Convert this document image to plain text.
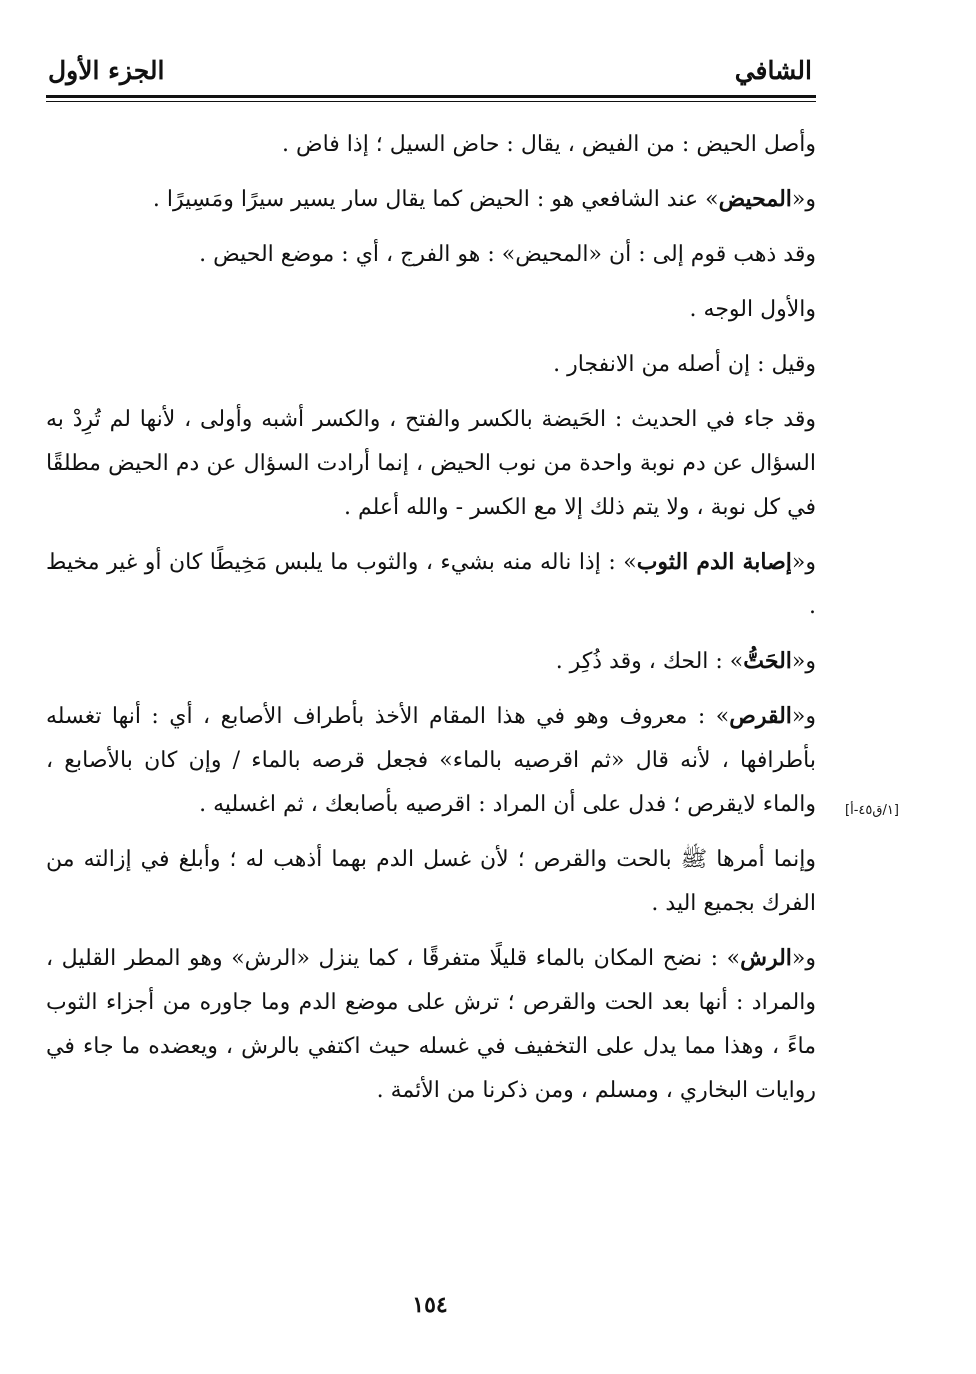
الشافي
الجزء الأول

وأصل الحيض : من الفيض ، يقال : حاض السيل ؛ إذا فاض .

و«المحيض» عند الشافعي هو : الحيض كما يقال سار يسير سيرًا ومَسِيرًا .

وقد ذهب قوم إلى : أن «المحيض» : هو الفرج ، أي : موضع الحيض .

والأول الوجه .

وقيل : إن أصله من الانفجار .

وقد جاء في الحديث : الحَيضة بالكسر والفتح ، والكسر أشبه وأولى ، لأنها لم تُرِدْ به السؤال عن دم نوبة واحدة من نوب الحيض ، إنما أرادت السؤال عن دم الحيض مطلقًا في كل نوبة ، ولا يتم ذلك إلا مع الكسر - والله أعلم .

و«إصابة الدم الثوب» : إذا ناله منه بشيء ، والثوب ما يلبس مَخِيطًا كان أو غير مخيط .

و«الحَتُّ» : الحك ، وقد ذُكِر .

و«القرص» : معروف وهو في هذا المقام الأخذ بأطراف الأصابع ، أي : أنها تغسله بأطرافها ، لأنه قال «ثم اقرصيه بالماء» فجعل قرصه بالماء / وإن كان بالأصابع ، والماء لايقرص ؛ فدل على أن المراد : اقرصيه بأصابعك ، ثم اغسليه .

وإنما أمرها ﷺ بالحت والقرص ؛ لأن غسل الدم بهما أذهب له ؛ وأبلغ في إزالته من الفرك بجميع اليد .

و«الرش» : نضح المكان بالماء قليلًا متفرقًا ، كما ينزل «الرش» وهو المطر القليل ، والمراد : أنها بعد الحت والقرص ؛ ترش على موضع الدم وما جاوره من أجزاء الثوب ماءً ، وهذا مما يدل على التخفيف في غسله حيث اكتفي بالرش ، ويعضده ما جاء في روايات البخاري ، ومسلم ، ومن ذكرنا من الأئمة .

[١/ق٤٥-أ]
١٥٤
